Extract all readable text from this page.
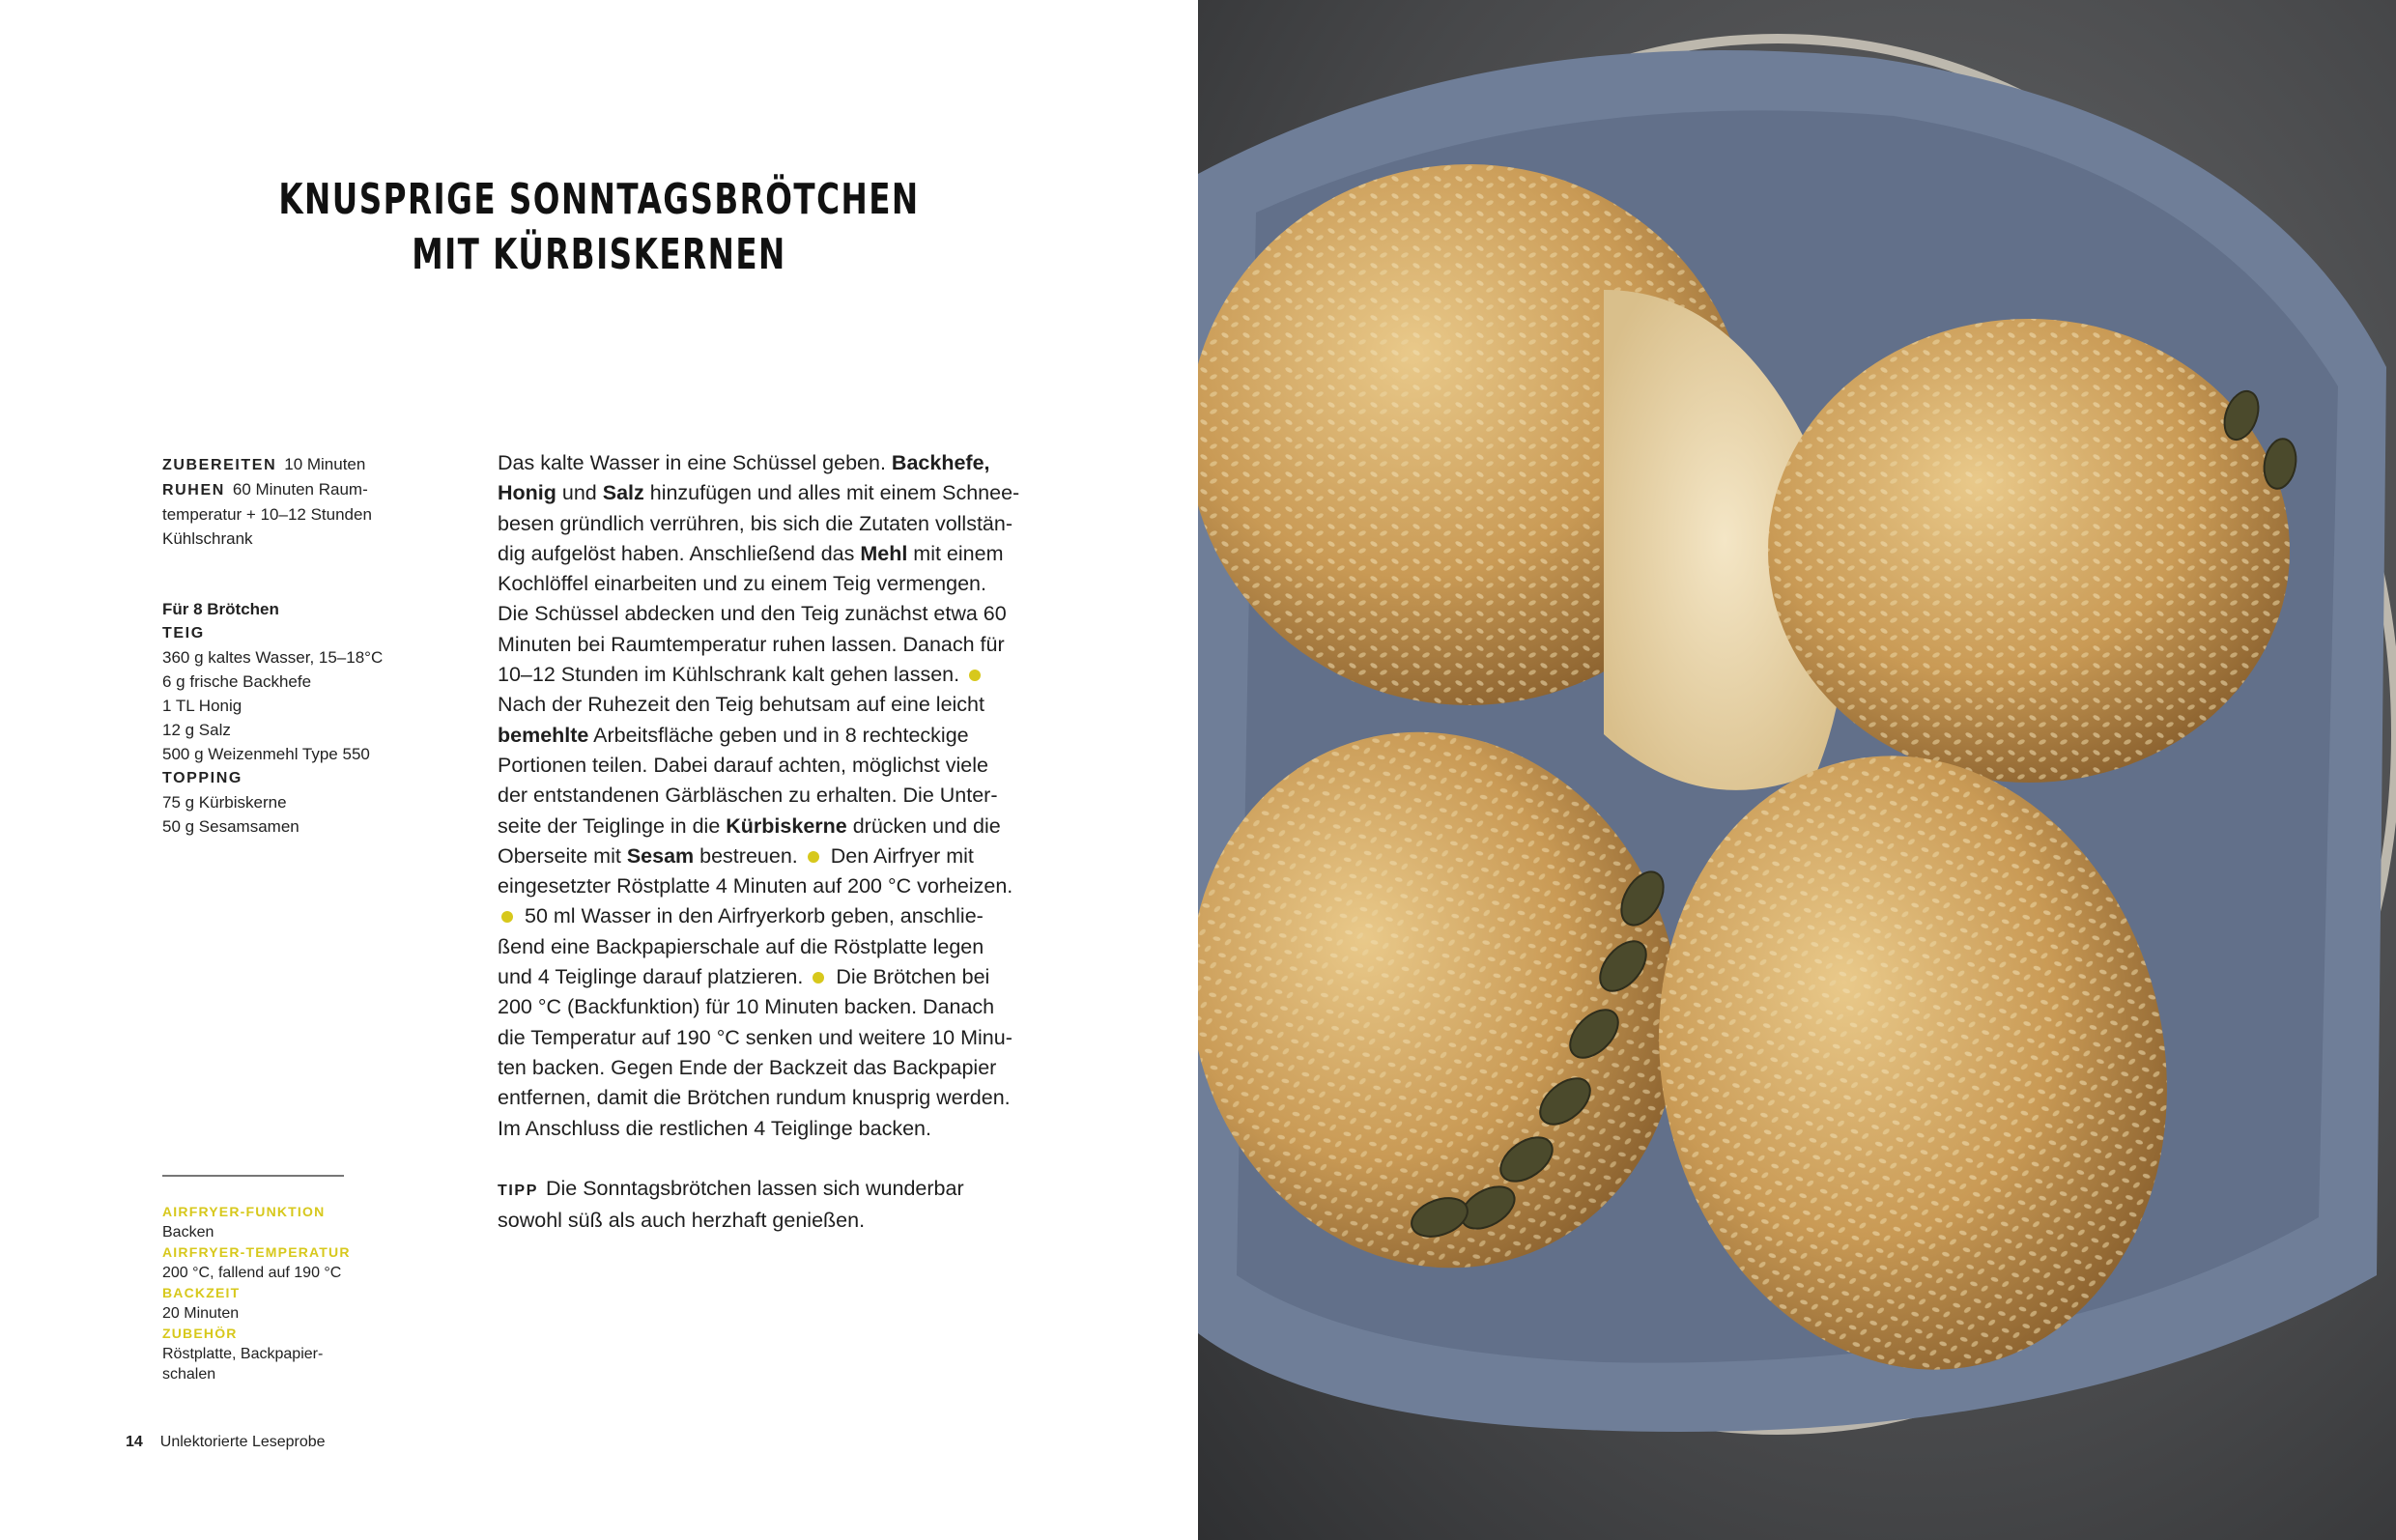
KNUSPRIGE SONNTAGSBRÖTCHEN
MIT KÜRBISKERNEN

ZUBEREITEN 10 Minuten

RUHEN 60 Minuten Raum-

temperatur + 10–12 Stunden

Kühlschrank

Für 8 Brötchen
TEIG
360 g kaltes Wasser, 15–18°C
6 g frische Backhefe
1 TL Honig
12 g Salz
500 g Weizenmehl Type 550
TOPPING
75 g Kürbiskerne
50 g Sesamsamen

Das kalte Wasser in eine Schüssel geben. Backhefe,

Honig und Salz hinzufügen und alles mit einem Schnee-

besen gründlich verrühren, bis sich die Zutaten vollstän-

dig aufgelöst haben. Anschließend das Mehl mit einem

Kochlöffel einarbeiten und zu einem Teig vermengen.

Die Schüssel abdecken und den Teig zunächst etwa 60

Minuten bei Raumtemperatur ruhen lassen. Danach für

10–12 Stunden im Kühlschrank kalt gehen lassen.

Nach der Ruhezeit den Teig behutsam auf eine leicht

bemehlte Arbeitsfläche geben und in 8 rechteckige

Portionen teilen. Dabei darauf achten, möglichst viele

der entstandenen Gärbläschen zu erhalten. Die Unter-

seite der Teiglinge in die Kürbiskerne drücken und die

Oberseite mit Sesam bestreuen. Den Airfryer mit

eingesetzter Röstplatte 4 Minuten auf 200 °C vorheizen.

50 ml Wasser in den Airfryerkorb geben, anschlie-

ßend eine Backpapierschale auf die Röstplatte legen

und 4 Teiglinge darauf platzieren. Die Brötchen bei

200 °C (Backfunktion) für 10 Minuten backen. Danach

die Temperatur auf 190 °C senken und weitere 10 Minu-

ten backen. Gegen Ende der Backzeit das Backpapier

entfernen, damit die Brötchen rundum knusprig werden.

Im Anschluss die restlichen 4 Teiglinge backen.

TIPP Die Sonntagsbrötchen lassen sich wunderbar

sowohl süß als auch herzhaft genießen.

AIRFRYER-FUNKTION
Backen
AIRFRYER-TEMPERATUR
200 °C, fallend auf 190 °C
BACKZEIT
20 Minuten
ZUBEHÖR
Röstplatte, Backpapier-
schalen
14 Unlektorierte Leseprobe
